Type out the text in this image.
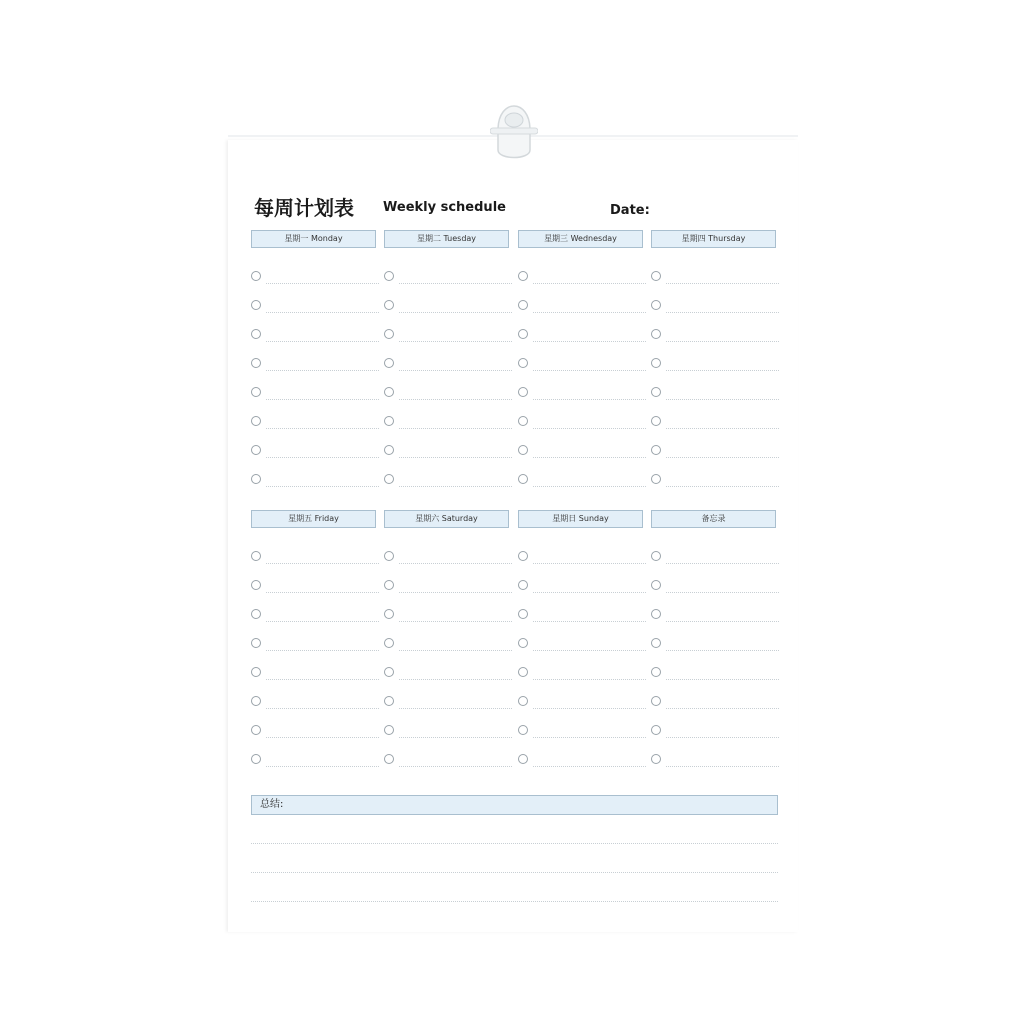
每周计划表 Weekly schedule	Date:
星期一 Monday	星期二 Tuesday	星期三 Wednesday	星期四 Thursday
星期五 Friday	星期六 Saturday	星期日 Sunday	备忘录
总结:
